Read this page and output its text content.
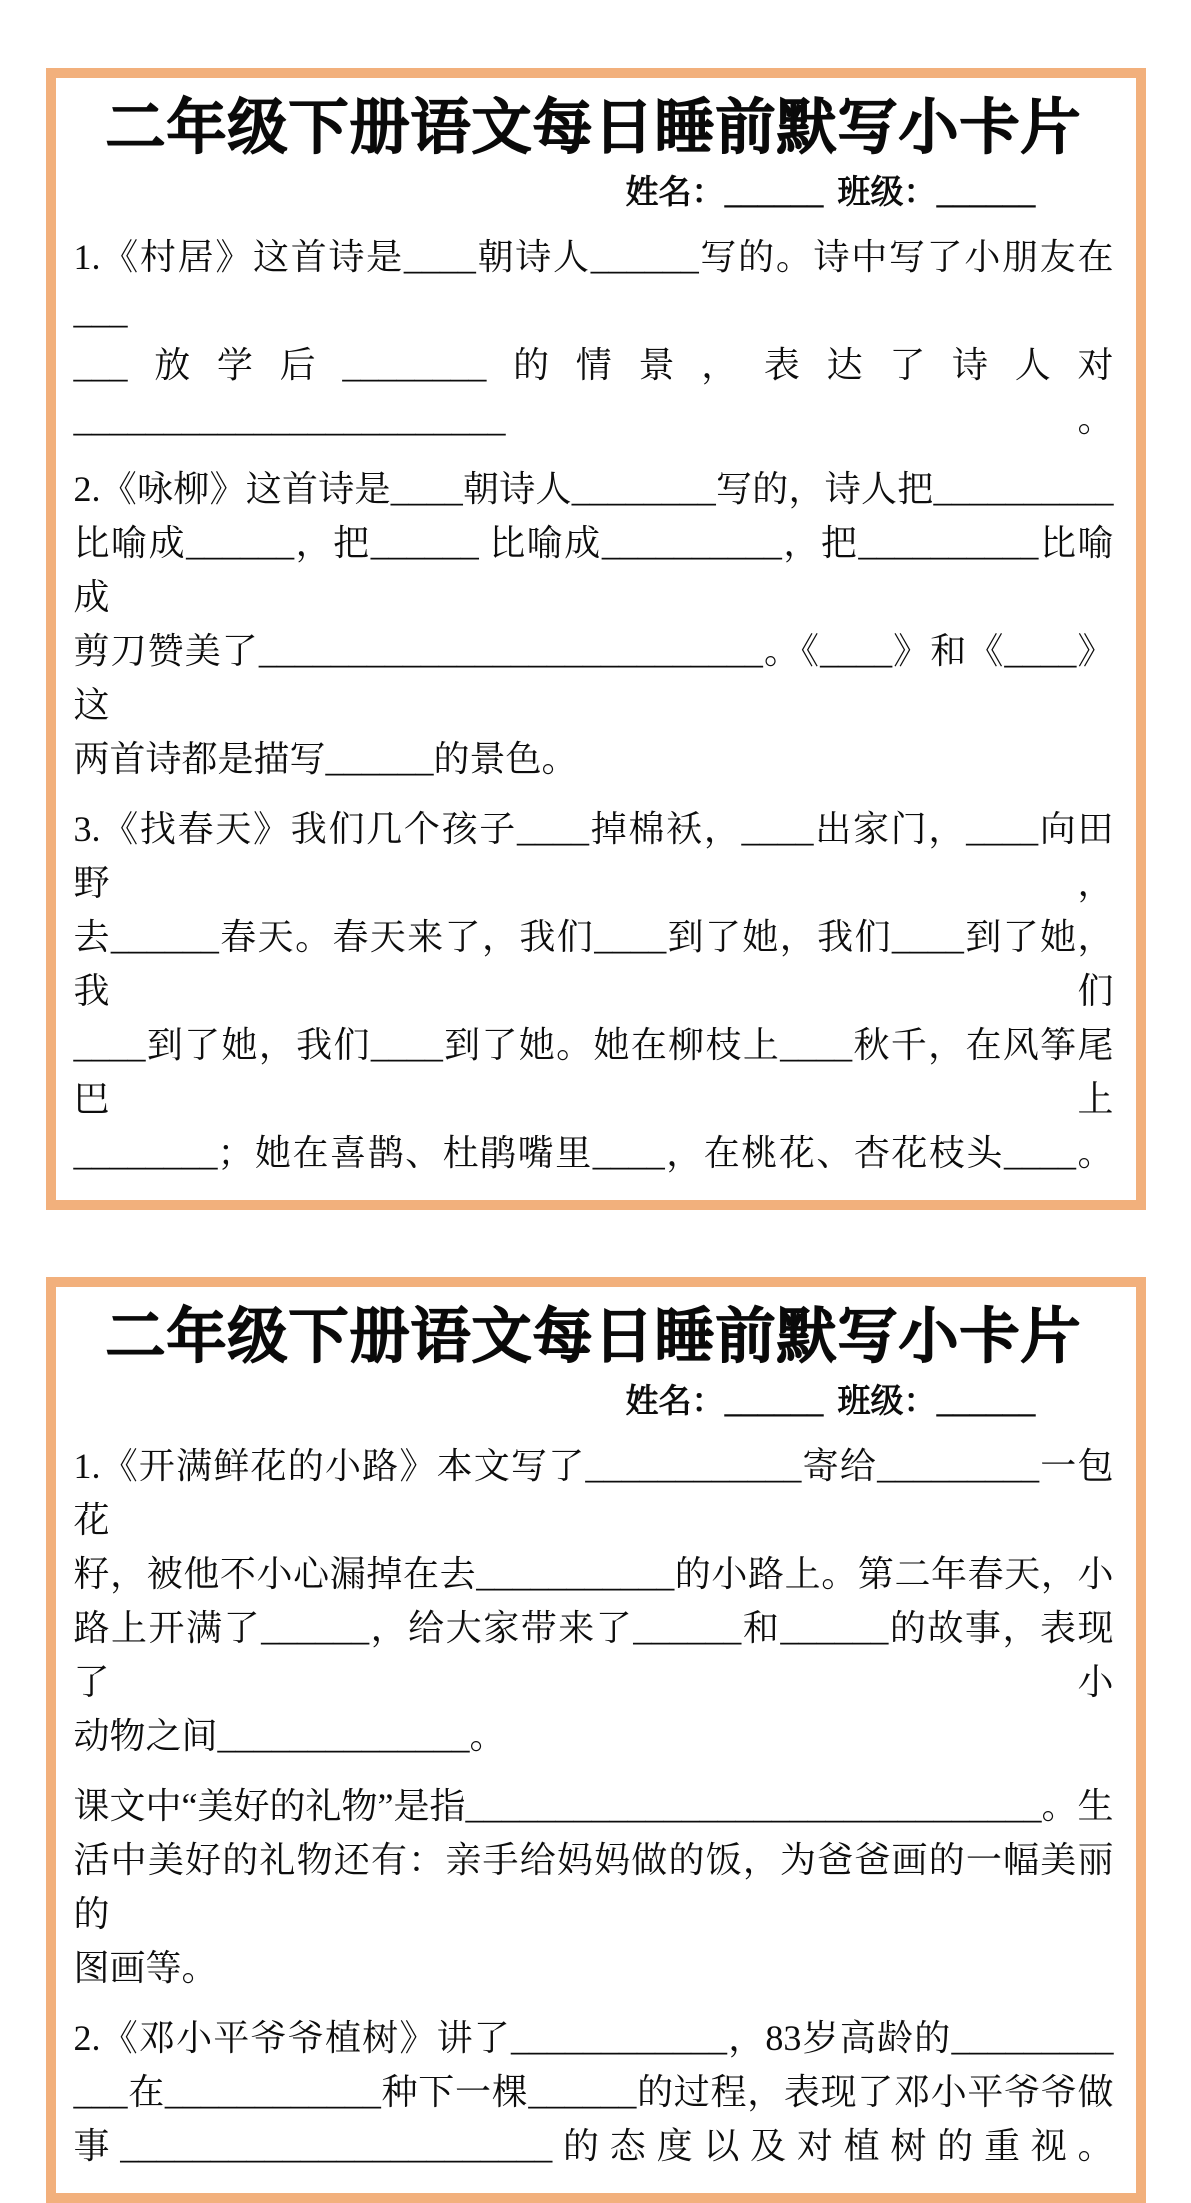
二年级下册语文每日睡前默写小卡片
姓名：______ 班级：______
1.《村居》这首诗是____朝诗人______写的。诗中写了小朋友在___
___放学后________的情景，表达了诗人对________________________。
2.《咏柳》这首诗是____朝诗人________写的，诗人把__________
比喻成______，把______ 比喻成__________，把__________比喻成
剪刀赞美了____________________________。《____》和《____》这
两首诗都是描写______的景色。
3.《找春天》我们几个孩子____掉棉袄，____出家门，____向田野，
去______春天。春天来了，我们____到了她，我们____到了她，我们
____到了她，我们____到了她。她在柳枝上____秋千，在风筝尾巴上
________；她在喜鹊、杜鹃嘴里____，在桃花、杏花枝头____。
二年级下册语文每日睡前默写小卡片
姓名：______ 班级：______
1.《开满鲜花的小路》本文写了____________寄给_________一包花
籽，被他不小心漏掉在去___________的小路上。第二年春天，小
路上开满了______，给大家带来了______和______的故事，表现了小
动物之间______________。
课文中“美好的礼物”是指________________________________。生
活中美好的礼物还有：亲手给妈妈做的饭，为爸爸画的一幅美丽的
图画等。
2.《邓小平爷爷植树》讲了____________，83岁高龄的_________
___在____________种下一棵______的过程，表现了邓小平爷爷做
事________________________的态度以及对植树的重视。
